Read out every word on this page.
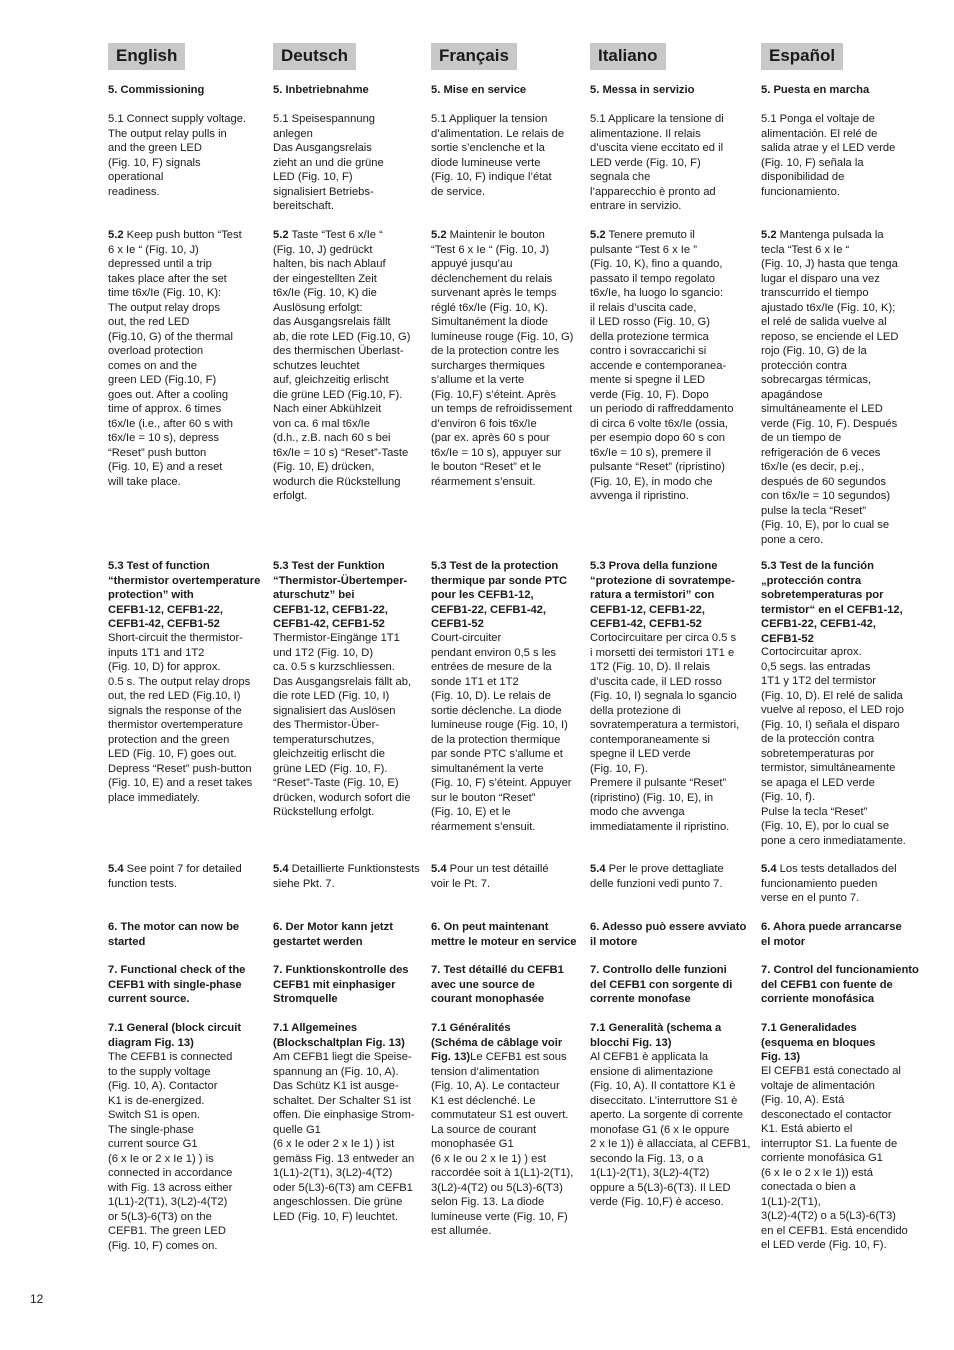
English
5. Commissioning
5.1 Connect supply voltage.
The output relay pulls in
and the green LED
(Fig. 10, F) signals
operational
readiness.
5.2 Keep push button “Test
6 x Ie “ (Fig. 10, J)
depressed until a trip
takes place after the set
time t6x/Ie (Fig. 10, K):
The output relay drops
out, the red LED
(Fig.10, G) of the thermal
overload protection
comes on and the
green LED (Fig.10, F)
goes out. After a cooling
time of approx. 6 times
t6x/Ie (i.e., after 60 s with
t6x/Ie = 10 s), depress
“Reset” push button
(Fig. 10, E) and a reset
will take place.
5.3 Test of function
“thermistor overtemperature
protection” with
CEFB1-12, CEFB1-22,
CEFB1-42, CEFB1-52
Short-circuit the thermistor-
inputs 1T1 and 1T2
(Fig. 10, D) for approx.
0.5 s. The output relay drops
out, the red LED (Fig.10, I)
signals the response of the
thermistor overtemperature
protection and the green
LED (Fig. 10, F) goes out.
Depress “Reset” push-button
(Fig. 10, E) and a reset takes
place immediately.
5.4 See point 7 for detailed
function tests.
6. The motor can now be
started
7. Functional check of the
CEFB1 with single-phase
current source.
7.1 General (block circuit
diagram Fig. 13)
The CEFB1 is connected
to the supply voltage
(Fig. 10, A). Contactor
K1 is de-energized.
Switch S1 is open.
The single-phase
current source G1
(6 x Ie or 2 x Ie 1) ) is
connected in accordance
with Fig. 13 across either
1(L1)-2(T1), 3(L2)-4(T2)
or 5(L3)-6(T3) on the
CEFB1. The green LED
(Fig. 10, F) comes on.
Deutsch
5. Inbetriebnahme
5.1 Speisespannung
anlegen
Das Ausgangsrelais
zieht an und die grüne
LED (Fig. 10, F)
signalisiert Betriebs-
bereitschaft.
5.2 Taste “Test 6 x/Ie “
(Fig. 10, J) gedrückt
halten, bis nach Ablauf
der eingestellten Zeit
t6x/Ie (Fig. 10, K) die
Auslösung erfolgt:
das Ausgangsrelais fällt
ab, die rote LED (Fig.10, G)
des thermischen Überlast-
schutzes leuchtet
auf, gleichzeitig erlischt
die grüne LED (Fig.10, F).
Nach einer Abkühlzeit
von ca. 6 mal t6x/Ie
(d.h., z.B. nach 60 s bei
t6x/Ie = 10 s) “Reset”-Taste
(Fig. 10, E) drücken,
wodurch die Rückstellung
erfolgt.
5.3 Test der Funktion
“Thermistor-Übertemper-
aturschutz” bei
CEFB1-12, CEFB1-22,
CEFB1-42, CEFB1-52
Thermistor-Eingänge 1T1
und 1T2 (Fig. 10, D)
ca. 0.5 s kurzschliessen.
Das Ausgangsrelais fällt ab,
die rote LED (Fig. 10, I)
signalisiert das Auslösen
des Thermistor-Über-
temperaturschutzes,
gleichzeitig erlischt die
grüne LED (Fig. 10, F).
“Reset”-Taste (Fig. 10, E)
drücken, wodurch sofort die
Rückstellung erfolgt.
5.4 Detaillierte Funktionstests
siehe Pkt. 7.
6. Der Motor kann jetzt
gestartet werden
7. Funktionskontrolle des
CEFB1 mit einphasiger
Stromquelle
7.1 Allgemeines
(Blockschaltplan Fig. 13)
Am CEFB1 liegt die Speise-
spannung an (Fig. 10, A).
Das Schütz K1 ist ausge-
schaltet. Der Schalter S1 ist
offen. Die einphasige Strom-
quelle G1
(6 x Ie oder 2 x Ie 1) ) ist
gemäss Fig. 13 entweder an
1(L1)-2(T1), 3(L2)-4(T2)
oder 5(L3)-6(T3) am CEFB1
angeschlossen. Die grüne
LED (Fig. 10, F) leuchtet.
Français
5. Mise en service
5.1 Appliquer la tension
d’alimentation. Le relais de
sortie s’enclenche et la
diode lumineuse verte
(Fig. 10, F) indique l’état
de service.
5.2 Maintenir le bouton
“Test 6 x Ie “ (Fig. 10, J)
appuyé jusqu’au
déclenchement du relais
survenant après le temps
réglé t6x/Ie (Fig. 10, K).
Simultanément la diode
lumineuse rouge (Fig. 10, G)
de la protection contre les
surcharges thermiques
s’allume et la verte
(Fig. 10,F) s’éteint. Après
un temps de refroidissement
d’environ 6 fois t6x/Ie
(par ex. après 60 s pour
t6x/Ie = 10 s), appuyer sur
le bouton “Reset” et le
réarmement s’ensuit.
5.3 Test de la protection
thermique par sonde PTC
pour les CEFB1-12,
CEFB1-22, CEFB1-42,
CEFB1-52
Court-circuiter
pendant environ 0,5 s les
entrées de mesure de la
sonde 1T1 et 1T2
(Fig. 10, D). Le relais de
sortie déclenche. La diode
lumineuse rouge (Fig. 10, I)
de la protection thermique
par sonde PTC s’allume et
simultanément la verte
(Fig. 10, F) s’éteint. Appuyer
sur le bouton “Reset”
(Fig. 10, E) et le
réarmement s’ensuit.
5.4 Pour un test détaillé
voir le Pt. 7.
6. On peut maintenant
mettre le moteur en service
7. Test détaillé du CEFB1
avec une source de
courant monophasée
7.1 Généralités
(Schéma de câblage voir
Fig. 13)Le CEFB1 est sous
tension d’alimentation
(Fig. 10, A). Le contacteur
K1 est déclenché. Le
commutateur S1 est ouvert.
La source de courant
monophasée G1
(6 x Ie ou 2 x Ie 1) ) est
raccordée soit à 1(L1)-2(T1),
3(L2)-4(T2) ou 5(L3)-6(T3)
selon Fig. 13. La diode
lumineuse verte (Fig. 10, F)
est allumée.
Italiano
5. Messa in servizio
5.1 Applicare la tensione di
alimentazione. Il relais
d’uscita viene eccitato ed il
LED verde (Fig. 10, F)
segnala che
l’apparecchio è pronto ad
entrare in servizio.
5.2 Tenere premuto il
pulsante “Test 6 x Ie ”
(Fig. 10, K), fino a quando,
passato il tempo regolato
t6x/Ie, ha luogo lo sgancio:
il relais d’uscita cade,
il LED rosso (Fig. 10, G)
della protezione termica
contro i sovraccarichi si
accende e contemporanea-
mente si spegne il LED
verde (Fig. 10, F). Dopo
un periodo di raffreddamento
di circa 6 volte t6x/Ie (ossia,
per esempio dopo 60 s con
t6x/Ie = 10 s), premere il
pulsante “Reset” (ripristino)
(Fig. 10, E), in modo che
avvenga il ripristino.
5.3 Prova della funzione
“protezione di sovratempe-
ratura a termistori” con
CEFB1-12, CEFB1-22,
CEFB1-42, CEFB1-52
Cortocircuitare per circa 0.5 s
i morsetti dei termistori 1T1 e
1T2 (Fig. 10, D). Il relais
d’uscita cade, il LED rosso
(Fig. 10, I) segnala lo sgancio
della protezione di
sovratemperatura a termistori,
contemporaneamente si
spegne il LED verde
(Fig. 10, F).
Premere il pulsante “Reset”
(ripristino) (Fig. 10, E), in
modo che avvenga
immediatamente il ripristino.
5.4 Per le prove dettagliate
delle funzioni vedi punto 7.
6. Adesso può essere avviato
il motore
7. Controllo delle funzioni
del CEFB1 con sorgente di
corrente monofase
7.1 Generalità (schema a
blocchi Fig. 13)
Al CEFB1 è applicata la
ensione di alimentazione
(Fig. 10, A). Il contattore K1 è
diseccitato. L’interruttore S1 è
aperto. La sorgente di corrente
monofase G1 (6 x Ie oppure
2 x Ie 1)) è allacciata, al CEFB1,
secondo la Fig. 13, o a
1(L1)-2(T1), 3(L2)-4(T2)
oppure a 5(L3)-6(T3). Il LED
verde (Fig. 10,F) è acceso.
Español
5. Puesta en marcha
5.1 Ponga el voltaje de
alimentación. El relé de
salida atrae y el LED verde
(Fig. 10, F) señala la
disponibilidad de
funcionamiento.
5.2 Mantenga pulsada la
tecla “Test 6 x Ie “
(Fig. 10, J) hasta que tenga
lugar el disparo una vez
transcurrido el tiempo
ajustado t6x/Ie (Fig. 10, K);
el relé de salida vuelve al
reposo, se enciende el LED
rojo (Fig. 10, G) de la
protección contra
sobrecargas térmicas,
apagándose
simultáneamente el LED
verde (Fig. 10, F). Después
de un tiempo de
refrigeración de 6 veces
t6x/Ie (es decir, p.ej.,
después de 60 segundos
con t6x/Ie = 10 segundos)
pulse la tecla “Reset”
(Fig. 10, E), por lo cual se
pone a cero.
5.3 Test de la función
„protección contra
sobretemperaturas por
termistor“ en el CEFB1-12,
CEFB1-22, CEFB1-42,
CEFB1-52
Cortocircuitar aprox.
0,5 segs. las entradas
1T1 y 1T2 del termistor
(Fig. 10, D). El relé de salida
vuelve al reposo, el LED rojo
(Fig. 10, I) señala el disparo
de la protección contra
sobretemperaturas por
termistor, simultáneamente
se apaga el LED verde
(Fig. 10, f).
Pulse la tecla “Reset”
(Fig. 10, E), por lo cual se
pone a cero inmediatamente.
5.4 Los tests detallados del
funcionamiento pueden
verse en el punto 7.
6. Ahora puede arrancarse
el motor
7. Control del funcionamiento
del CEFB1 con fuente de
corriente monofásica
7.1 Generalidades
(esquema en bloques
Fig. 13)
El CEFB1 está conectado al
voltaje de alimentación
(Fig. 10, A). Está
desconectado el contactor
K1. Está abierto el
interruptor S1. La fuente de
corriente monofásica G1
(6 x Ie o 2 x Ie 1)) está
conectada o bien a
1(L1)-2(T1),
3(L2)-4(T2) o a 5(L3)-6(T3)
en el CEFB1. Está encendido
el LED verde (Fig. 10, F).
12
